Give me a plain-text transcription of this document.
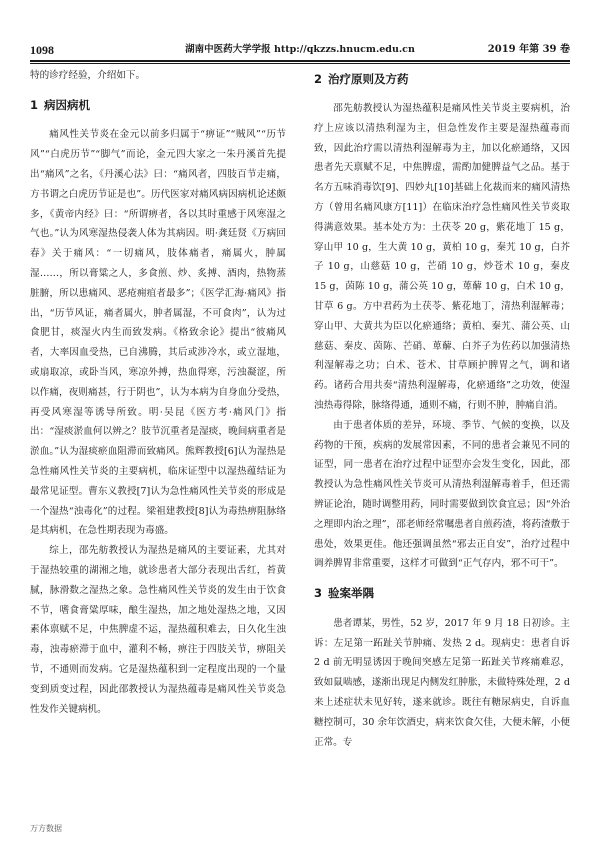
1098	湖南中医药大学学报 http://qkzzs.hnucm.edu.cn	2019 年第 39 卷

特的诊疗经验，介绍如下。

1 病因病机

痛风性关节炎在金元以前多归属于“痹证”“贼风”“历节风”“白虎历节”“脚气”而论，金元四大家之一朱丹溪首先提出“痛风”之名，《丹溪心法》曰：“痛风者，四肢百节走痛，方书谓之白虎历节证是也”。历代医家对痛风病因病机论述颇多，《黄帝内经》曰：“所谓痹者，各以其时重感于风寒湿之气也。”认为风寒湿热侵袭人体为其病因。明·龚廷贤《万病回春》关于痛风：“一切痛风，肢体痛者，痛属火，肿属湿……，所以膏粱之人，多食煎、炒、炙搏、酒肉，热物蒸脏腑，所以患痛风、恶疮痈疽者最多”；《医学汇海·痛风》指出，“历节风证，痛者属火，肿者属湿，不可食肉”，认为过食肥甘，痰湿火内生而致发病。《格致余论》提出“彼痛风者，大率因血受热，已自沸腾，其后或涉冷水，或立湿地，或扇取凉，或卧当风，寒凉外搏，热血得寒，污浊凝涩，所以作痛，夜则痛甚，行于阴也”，认为本病为自身血分受热，再受风寒湿等诱导所致。明·吴昆《医方考·痛风门》指出：“湿痰淤血何以辨之？肢节沉重者是湿痰，晚间病重者是淤血。”认为湿痰瘀血阻滞而致痛风。熊辉教授[6]认为湿热是急性痛风性关节炎的主要病机，临床证型中以湿热蕴结证为最常见证型。曹东义教授[7]认为急性痛风性关节炎的形成是一个湿热“浊毒化”的过程。梁祖建教授[8]认为毒热痹阻脉络是其病机，在急性期表现为毒盛。

综上，邵先舫教授认为湿热是痛风的主要证素，尤其对于湿热较重的湖湘之地，就诊患者大部分表现出舌红，苔黄腻，脉滑数之湿热之象。急性痛风性关节炎的发生由于饮食不节，嗜食膏粱厚味，酿生湿热，加之地处湿热之地，又因素体禀赋不足，中焦脾虚不运，湿热蕴积难去，日久化生浊毒，浊毒瘀滞于血中，灌利不畅，痹注于四肢关节，痹阻关节，不通则而发病。它是湿热蕴积到一定程度出现的一个量变到质变过程，因此邵教授认为湿热蕴毒是痛风性关节炎急性发作关键病机。

2 治疗原则及方药

邵先舫教授认为湿热蕴积是痛风性关节炎主要病机，治疗上应该以清热利湿为主，但急性发作主要是湿热蕴毒而致，因此治疗需以清热利湿解毒为主，加以化瘀通络，又因患者先天禀赋不足，中焦脾虚，需酌加健脾益气之品。基于名方五味消毒饮[9]、四妙丸[10]基础上化裁而来的痛风清热方（曾用名痛风康方[11]）在临床治疗急性痛风性关节炎取得满意效果。基本处方为：土茯苓 20 g，紫花地丁 15 g，穿山甲 10 g，生大黄 10 g，黄柏 10 g，秦艽 10 g，白芥子 10 g，山慈菇 10 g，芒硝 10 g，炒苍术 10 g，秦皮 15 g，茵陈 10 g，蒲公英 10 g，萆薢 10 g，白术 10 g，甘草 6 g。方中君药为土茯苓、紫花地丁，清热利湿解毒；穿山甲、大黄共为臣以化瘀通络；黄柏、秦艽、蒲公英、山慈菇、秦皮、茵陈、芒硝、萆薢、白芥子为佐药以加强清热利湿解毒之功；白术、苍术、甘草顾护脾胃之气，调和诸药。诸药合用共奏“清热利湿解毒，化瘀通络”之功效，使湿浊热毒得除，脉络得通，通则不痛，行则不肿，肿痛自消。

由于患者体质的差异，环境、季节、气候的变换，以及药物的干预，疾病的发展常因素，不同的患者会兼见不同的证型，同一患者在治疗过程中证型亦会发生变化，因此，邵教授认为急性痛风性关节炎可从清热利湿解毒着手，但还需辨证论治，随时调整用药，同时需要做到饮食宜忌；因“外治之理即内治之理”，邵老师经常嘱患者自煎药渣，将药渣敷于患处，效果更佳。他还强调虽然“邪去正自安”，治疗过程中调养脾胃非常重要，这样才可做到“正气存内，邪不可干”。

3 验案举隅

患者谭某，男性，52 岁，2017 年 9 月 18 日初诊。主诉：左足第一跖趾关节肿痛、发热 2 d。现病史：患者自诉 2 d 前无明显诱因于晚间突感左足第一跖趾关节疼痛难忍，致如鼠啮感，遂渐出现足内侧发红肿胀，未做特殊处理，2 d 来上述症状未见好转，遂来就诊。既往有糖尿病史，自诉血糖控制可，30 余年饮酒史，病来饮食欠佳，大便未解，小便正常。专

万方数据
